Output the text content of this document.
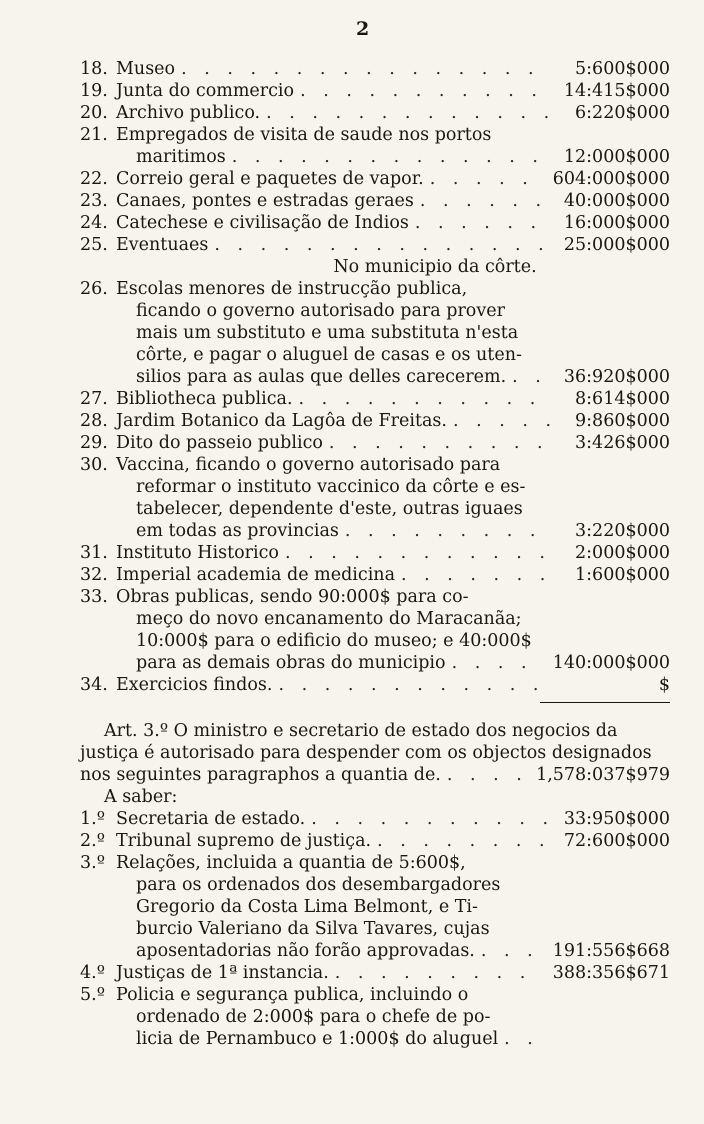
2
18. Museo . . .	5:600$000
19. Junta do commercio . . .	14:415$000
20. Archivo publico. . . .	6:220$000
21. Empregados de visita de saude nos portos
maritimos . . .	12:000$000
22. Correio geral e paquetes de vapor. . . .	604:000$000
23. Canaes, pontes e estradas geraes . . .	40:000$000
24. Catechese e civilisação de Indios . . .	16:000$000
25. Eventuaes . . .	25:000$000
No municipio da côrte.
26. Escolas menores de instrucção publica,
ficando o governo autorisado para prover
mais um substituto e uma substituta n'esta
côrte, e pagar o aluguel de casas e os uten-
silios para as aulas que delles carecerem. . . .	36:920$000
27. Bibliotheca publica. . . .	8:614$000
28. Jardim Botanico da Lagôa de Freitas. . . .	9:860$000
29. Dito do passeio publico . . .	3:426$000
30. Vaccina, ficando o governo autorisado para
reformar o instituto vaccinico da côrte e es-
tabelecer, dependente d'este, outras iguaes
em todas as provincias . . .	3:220$000
31. Instituto Historico . . .	2:000$000
32. Imperial academia de medicina . . .	1:600$000
33. Obras publicas, sendo 90:000$ para co-
meço do novo encanamento do Maracanãa;
10:000$ para o edificio do museo; e 40:000$
para as demais obras do municipio . . .	140:000$000
34. Exercicios findos. . . .	$
Art. 3.º O ministro e secretario de estado dos negocios da
justiça é autorisado para despender com os objectos designados
nos seguintes paragraphos a quantia de. . . .	1,578:037$979
A saber:
1.º Secretaria de estado. . . .	33:950$000
2.º Tribunal supremo de justiça. . . .	72:600$000
3.º Relações, incluida a quantia de 5:600$,
para os ordenados dos desembargadores
Gregorio da Costa Lima Belmont, e Ti-
burcio Valeriano da Silva Tavares, cujas
aposentadorias não forão approvadas. . . .	191:556$668
4.º Justiças de 1ª instancia. . . .	388:356$671
5.º Policia e segurança publica, incluindo o
ordenado de 2:000$ para o chefe de po-
licia de Pernambuco e 1:000$ do aluguel
. . .
